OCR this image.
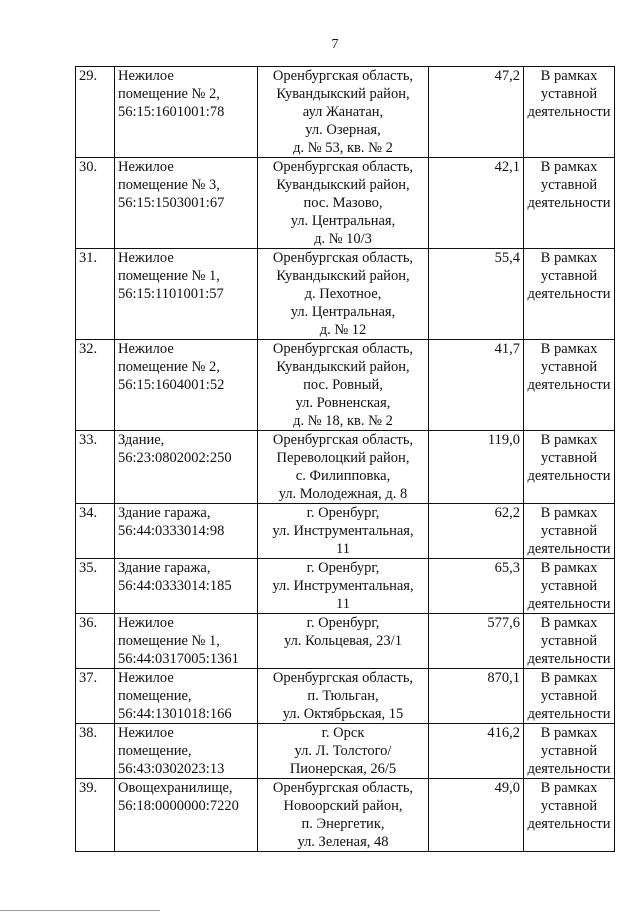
7
29.	Нежилое
помещение № 2,
56:15:1601001:78	Оренбургская область,
Кувандыкский район,
аул Жанатан,
ул. Озерная,
д. № 53, кв. № 2	47,2	В рамках
уставной
деятельности
30.	Нежилое
помещение № 3,
56:15:1503001:67	Оренбургская область,
Кувандыкский район,
пос. Мазово,
ул. Центральная,
д. № 10/3	42,1	В рамках
уставной
деятельности
31.	Нежилое
помещение № 1,
56:15:1101001:57	Оренбургская область,
Кувандыкский район,
д. Пехотное,
ул. Центральная,
д. № 12	55,4	В рамках
уставной
деятельности
32.	Нежилое
помещение № 2,
56:15:1604001:52	Оренбургская область,
Кувандыкский район,
пос. Ровный,
ул. Ровненская,
д. № 18, кв. № 2	41,7	В рамках
уставной
деятельности
33.	Здание,
56:23:0802002:250	Оренбургская область,
Переволоцкий район,
с. Филипповка,
ул. Молодежная, д. 8	119,0	В рамках
уставной
деятельности
34.	Здание гаража,
56:44:0333014:98	г. Оренбург,
ул. Инструментальная,
11	62,2	В рамках
уставной
деятельности
35.	Здание гаража,
56:44:0333014:185	г. Оренбург,
ул. Инструментальная,
11	65,3	В рамках
уставной
деятельности
36.	Нежилое
помещение № 1,
56:44:0317005:1361	г. Оренбург,
ул. Кольцевая, 23/1	577,6	В рамках
уставной
деятельности
37.	Нежилое
помещение,
56:44:1301018:166	Оренбургская область,
п. Тюльган,
ул. Октябрьская, 15	870,1	В рамках
уставной
деятельности
38.	Нежилое
помещение,
56:43:0302023:13	г. Орск
ул. Л. Толстого/
Пионерская, 26/5	416,2	В рамках
уставной
деятельности
39.	Овощехранилище,
56:18:0000000:7220	Оренбургская область,
Новоорский район,
п. Энергетик,
ул. Зеленая, 48	49,0	В рамках
уставной
деятельности
